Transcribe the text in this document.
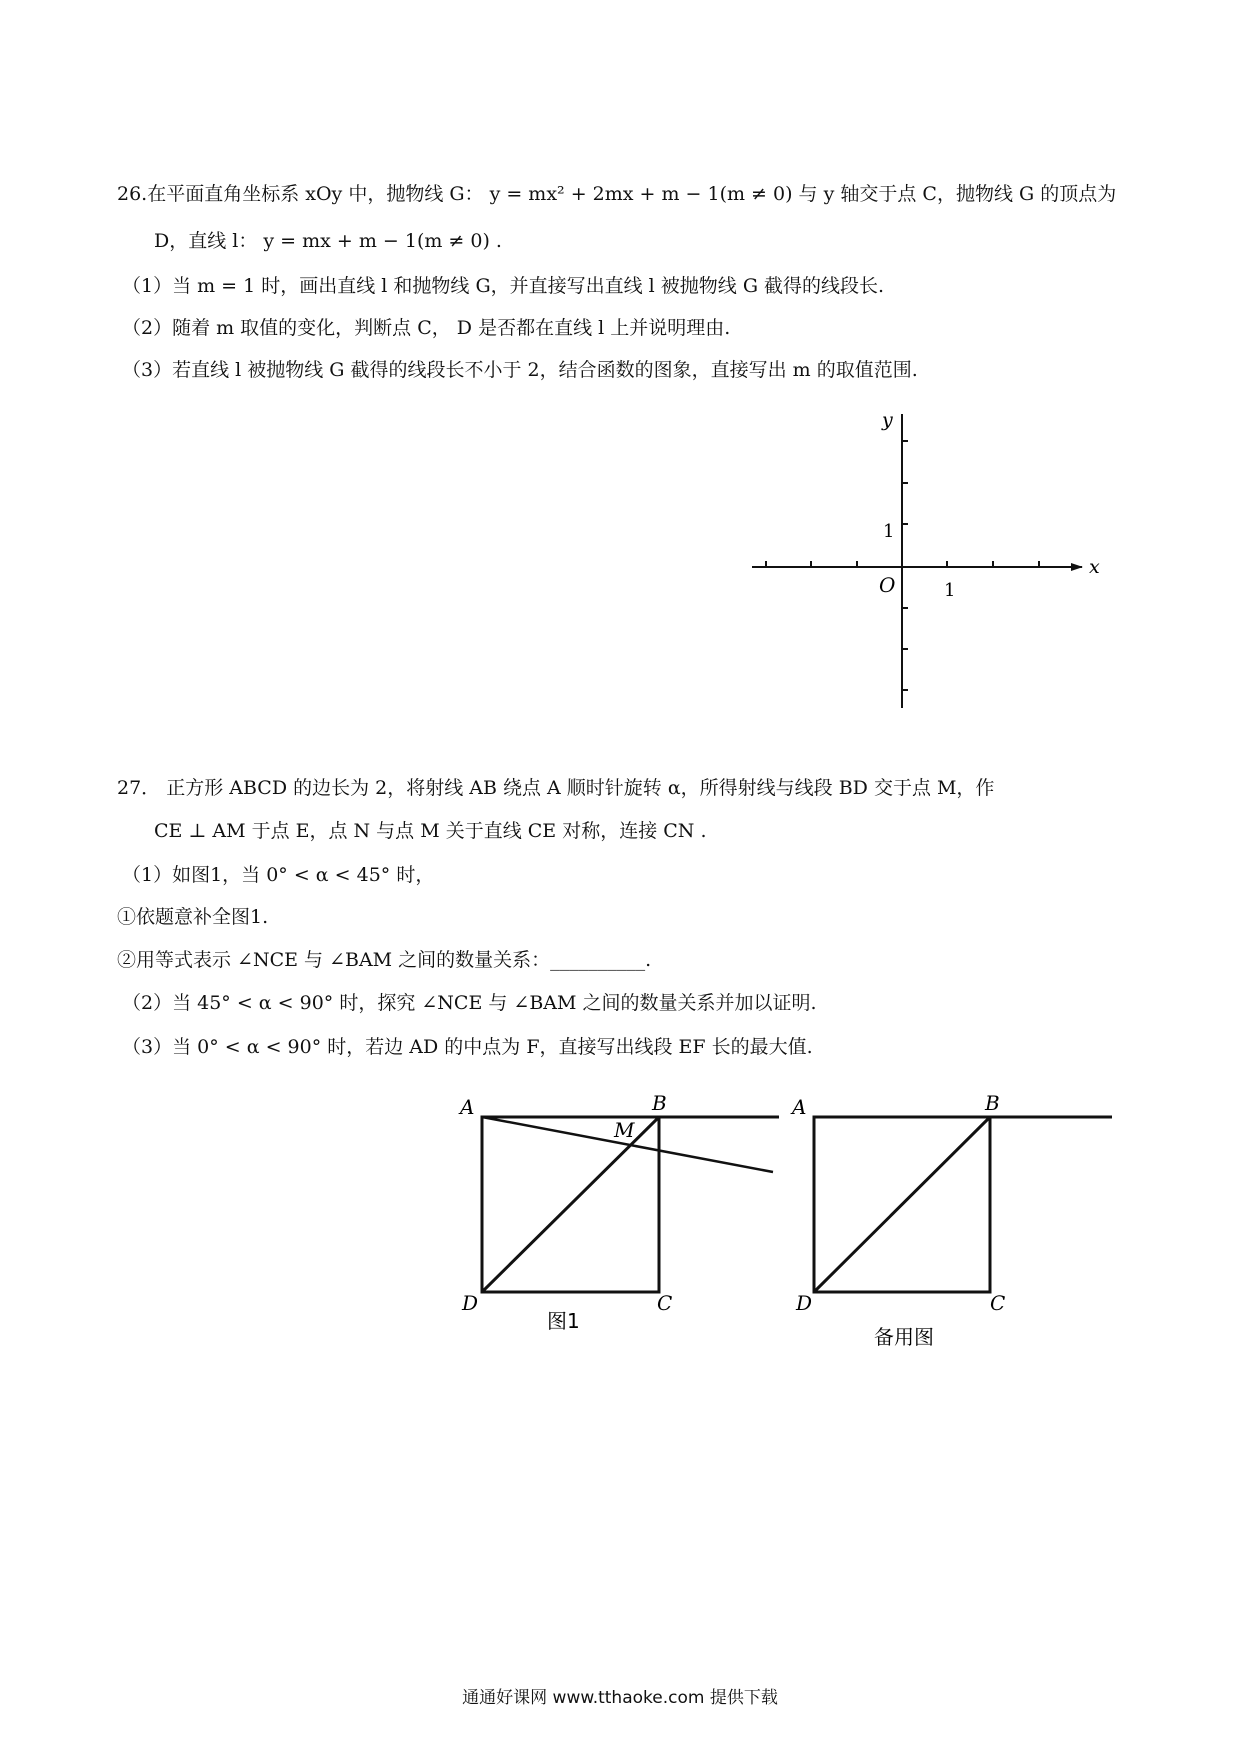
26.在平面直角坐标系 xOy 中，抛物线 G： y = mx² + 2mx + m − 1(m ≠ 0) 与 y 轴交于点 C，抛物线 G 的顶点为
D，直线 l： y = mx + m − 1(m ≠ 0) .
（1）当 m = 1 时，画出直线 l 和抛物线 G，并直接写出直线 l 被抛物线 G 截得的线段长.
（2）随着 m 取值的变化，判断点 C， D 是否都在直线 l 上并说明理由.
（3）若直线 l 被抛物线 G 截得的线段长不小于 2，结合函数的图象，直接写出 m 的取值范围.
27． 正方形 ABCD 的边长为 2，将射线 AB 绕点 A 顺时针旋转 α，所得射线与线段 BD 交于点 M，作
CE ⊥ AM 于点 E，点 N 与点 M 关于直线 CE 对称，连接 CN .
（1）如图1，当 0° < α < 45° 时，
①依题意补全图1.
②用等式表示 ∠NCE 与 ∠BAM 之间的数量关系：__________.
（2）当 45° < α < 90° 时，探究 ∠NCE 与 ∠BAM 之间的数量关系并加以证明.
（3）当 0° < α < 90° 时，若边 AD 的中点为 F，直接写出线段 EF 长的最大值.
x
y
O	1
1
A	B
C
D
M
图1
A	B
C
D
备用图
通通好课网 www.tthaoke.com 提供下载
